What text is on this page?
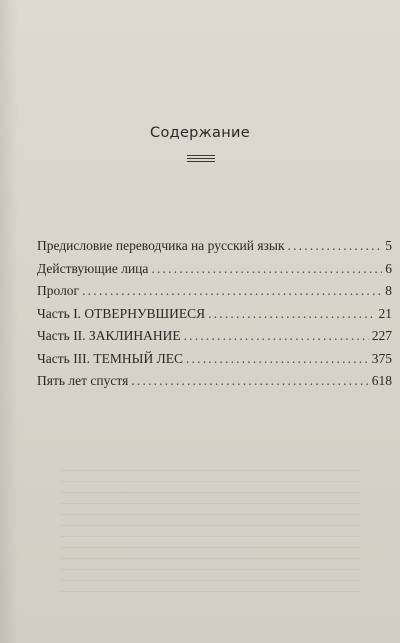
Содержание
Предисловие переводчика на русский язык .....	5
Действующие лица .....	6
Пролог .....	8
Часть I. ОТВЕРНУВШИЕСЯ .....	21
Часть II. ЗАКЛИНАНИЕ .....	227
Часть III. ТЕМНЫЙ ЛЕС .....	375
Пять лет спустя .....	618
